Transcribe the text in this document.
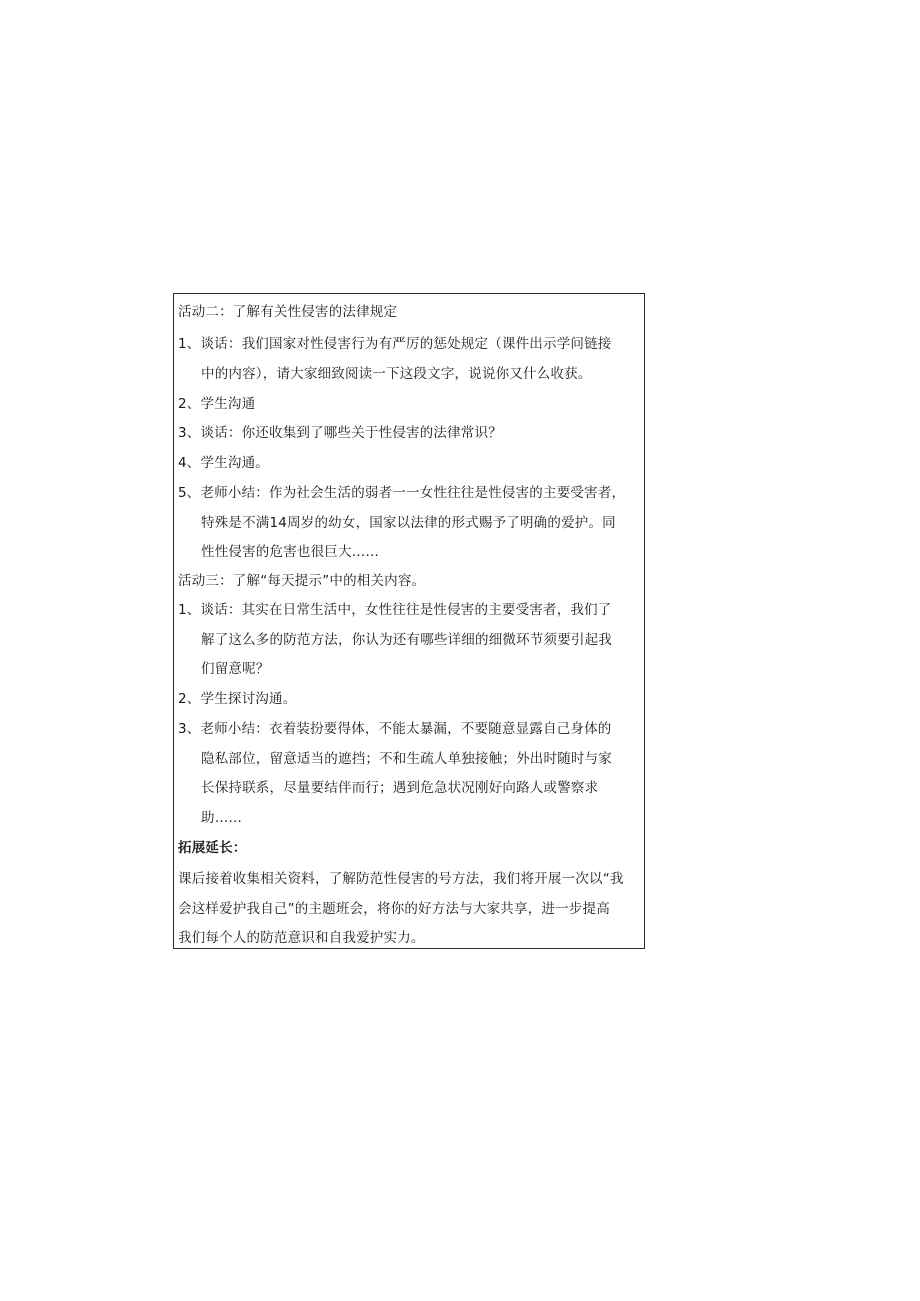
活动二：了解有关性侵害的法律规定
1、谈话：我们国家对性侵害行为有严厉的惩处规定（课件出示学问链接
中的内容），请大家细致阅读一下这段文字，说说你又什么收获。
2、学生沟通
3、谈话：你还收集到了哪些关于性侵害的法律常识？
4、学生沟通。
5、老师小结：作为社会生活的弱者一一女性往往是性侵害的主要受害者，
特殊是不满14周岁的幼女，国家以法律的形式赐予了明确的爱护。同
性性侵害的危害也很巨大……
活动三：了解“每天提示”中的相关内容。
1、谈话：其实在日常生活中，女性往往是性侵害的主要受害者，我们了
解了这么多的防范方法，你认为还有哪些详细的细微环节须要引起我
们留意呢？
2、学生探讨沟通。
3、老师小结：衣着装扮要得体，不能太暴漏，不要随意显露自己身体的
隐私部位，留意适当的遮挡；不和生疏人单独接触；外出时随时与家
长保持联系，尽量要结伴而行；遇到危急状况刚好向路人或警察求
助……
拓展延长：
课后接着收集相关资料，了解防范性侵害的号方法，我们将开展一次以“我
会这样爱护我自己”的主题班会，将你的好方法与大家共享，进一步提高
我们每个人的防范意识和自我爱护实力。
